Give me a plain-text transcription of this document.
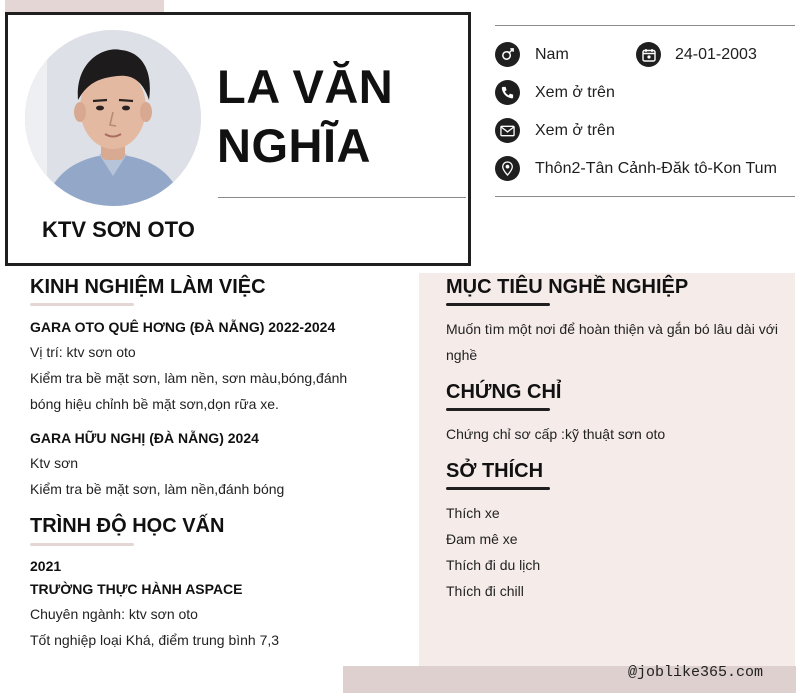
LA VĂN
NGHĨA
KTV SƠN OTO
Nam	24-01-2003
Xem ở trên
Xem ở trên
Thôn2-Tân Cảnh-Đăk tô-Kon Tum
KINH NGHIỆM LÀM VIỆC
GARA OTO QUÊ HƠNG (ĐÀ NẴNG) 2022-2024
Vị trí: ktv sơn oto
Kiểm tra bề mặt sơn, làm nền, sơn màu,bóng,đánh
bóng hiệu chỉnh bề mặt sơn,dọn rữa xe.
GARA HỮU NGHỊ (ĐÀ NẴNG) 2024
Ktv sơn
Kiểm tra bề mặt sơn, làm nền,đánh bóng
TRÌNH ĐỘ HỌC VẤN
2021
TRƯỜNG THỰC HÀNH ASPACE
Chuyên ngành: ktv sơn oto
Tốt nghiệp loại Khá, điểm trung bình 7,3
MỤC TIÊU NGHỀ NGHIỆP
Muốn tìm một nơi để hoàn thiện và gắn bó lâu dài với
nghề
CHỨNG CHỈ
Chứng chỉ sơ cấp :kỹ thuật sơn oto
SỞ THÍCH
Thích xe
Đam mê xe
Thích đi du lịch
Thích đi chill
@joblike365.com
